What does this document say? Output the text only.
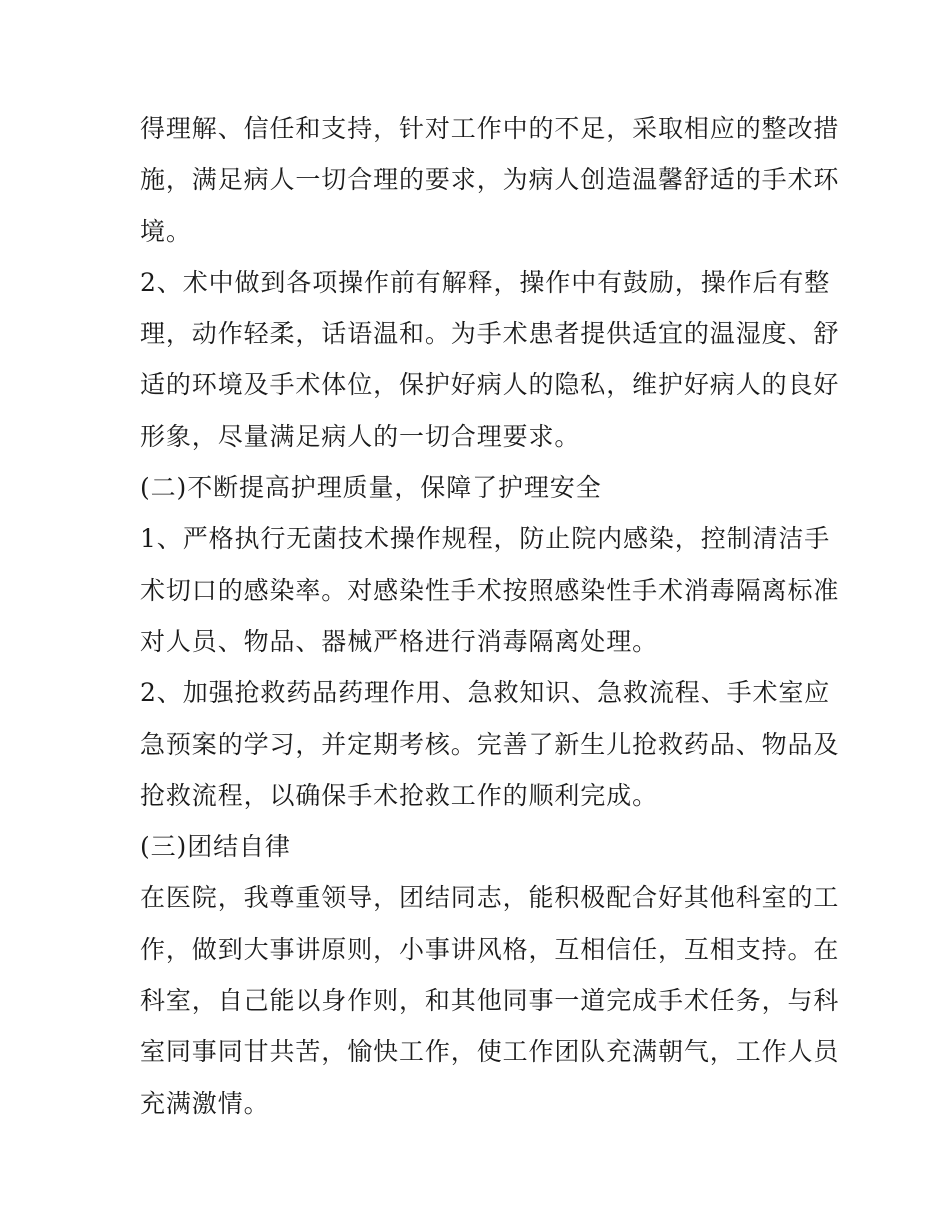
得理解、信任和支持，针对工作中的不足，采取相应的整改措
施，满足病人一切合理的要求，为病人创造温馨舒适的手术环
境。
2、术中做到各项操作前有解释，操作中有鼓励，操作后有整
理，动作轻柔，话语温和。为手术患者提供适宜的温湿度、舒
适的环境及手术体位，保护好病人的隐私，维护好病人的良好
形象，尽量满足病人的一切合理要求。
(二)不断提高护理质量，保障了护理安全
1、严格执行无菌技术操作规程，防止院内感染，控制清洁手
术切口的感染率。对感染性手术按照感染性手术消毒隔离标准
对人员、物品、器械严格进行消毒隔离处理。
2、加强抢救药品药理作用、急救知识、急救流程、手术室应
急预案的学习，并定期考核。完善了新生儿抢救药品、物品及
抢救流程，以确保手术抢救工作的顺利完成。
(三)团结自律
在医院，我尊重领导，团结同志，能积极配合好其他科室的工
作，做到大事讲原则，小事讲风格，互相信任，互相支持。在
科室，自己能以身作则，和其他同事一道完成手术任务，与科
室同事同甘共苦，愉快工作，使工作团队充满朝气，工作人员
充满激情。
